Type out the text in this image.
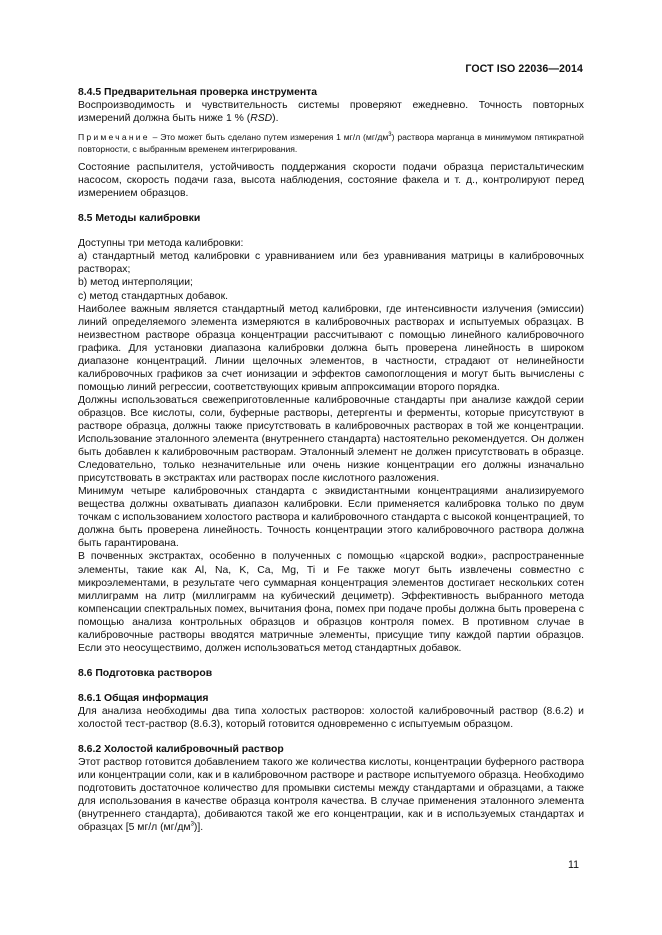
ГОСТ ISO 22036—2014

8.4.5 Предварительная проверка инструмента

Воспроизводимость и чувствительность системы проверяют ежедневно. Точность повторных измерений должна быть ниже 1 % (RSD).

Примечание – Это может быть сделано путем измерения 1 мг/л $(мг/дм^3)$ раствора марганца в минимумом пятикратной повторности, с выбранным временем интегрирования.

Состояние распылителя, устойчивость поддержания скорости подачи образца перистальтическим насосом, скорость подачи газа, высота наблюдения, состояние факела и т. д., контролируют перед измерением образцов.

8.5 Методы калибровки

Доступны три метода калибровки:

a) стандартный метод калибровки с уравниванием или без уравнивания матрицы в калибровочных растворах;

b) метод интерполяции;

c) метод стандартных добавок.

Наиболее важным является стандартный метод калибровки, где интенсивности излучения (эмиссии) линий определяемого элемента измеряются в калибровочных растворах и испытуемых образцах. В неизвестном растворе образца концентрации рассчитывают с помощью линейного калибровочного графика. Для установки диапазона калибровки должна быть проверена линейность в широком диапазоне концентраций. Линии щелочных элементов, в частности, страдают от нелинейности калибровочных графиков за счет ионизации и эффектов самопоглощения и могут быть вычислены с помощью линий регрессии, соответствующих кривым аппроксимации второго порядка.

Должны использоваться свежеприготовленные калибровочные стандарты при анализе каждой серии образцов. Все кислоты, соли, буферные растворы, детергенты и ферменты, которые присутствуют в растворе образца, должны также присутствовать в калибровочных растворах в той же концентрации. Использование эталонного элемента (внутреннего стандарта) настоятельно рекомендуется. Он должен быть добавлен к калибровочным растворам. Эталонный элемент не должен присутствовать в образце. Следовательно, только незначительные или очень низкие концентрации его должны изначально присутствовать в экстрактах или растворах после кислотного разложения.

Минимум четыре калибровочных стандарта с эквидистантными концентрациями анализируемого вещества должны охватывать диапазон калибровки. Если применяется калибровка только по двум точкам с использованием холостого раствора и калибровочного стандарта с высокой концентрацией, то должна быть проверена линейность. Точность концентрации этого калибровочного раствора должна быть гарантирована.

В почвенных экстрактах, особенно в полученных с помощью «царской водки», распространенные элементы, такие как Al, Na, K, Ca, Mg, Ti и Fe также могут быть извлечены совместно с микроэлементами, в результате чего суммарная концентрация элементов достигает нескольких сотен миллиграмм на литр (миллиграмм на кубический дециметр). Эффективность выбранного метода компенсации спектральных помех, вычитания фона, помех при подаче пробы должна быть проверена с помощью анализа контрольных образцов и образцов контроля помех. В противном случае в калибровочные растворы вводятся матричные элементы, присущие типу каждой партии образцов. Если это неосуществимо, должен использоваться метод стандартных добавок.

8.6 Подготовка растворов

8.6.1 Общая информация

Для анализа необходимы два типа холостых растворов: холостой калибровочный раствор (8.6.2) и холостой тест-раствор (8.6.3), который готовится одновременно с испытуемым образцом.

8.6.2 Холостой калибровочный раствор

Этот раствор готовится добавлением такого же количества кислоты, концентрации буферного раствора или концентрации соли, как и в калибровочном растворе и растворе испытуемого образца. Необходимо подготовить достаточное количество для промывки системы между стандартами и образцами, а также для использования в качестве образца контроля качества. В случае применения эталонного элемента (внутреннего стандарта), добиваются такой же его концентрации, как и в используемых стандартах и образцах [5 мг/л $(мг/дм^3)$].

11
